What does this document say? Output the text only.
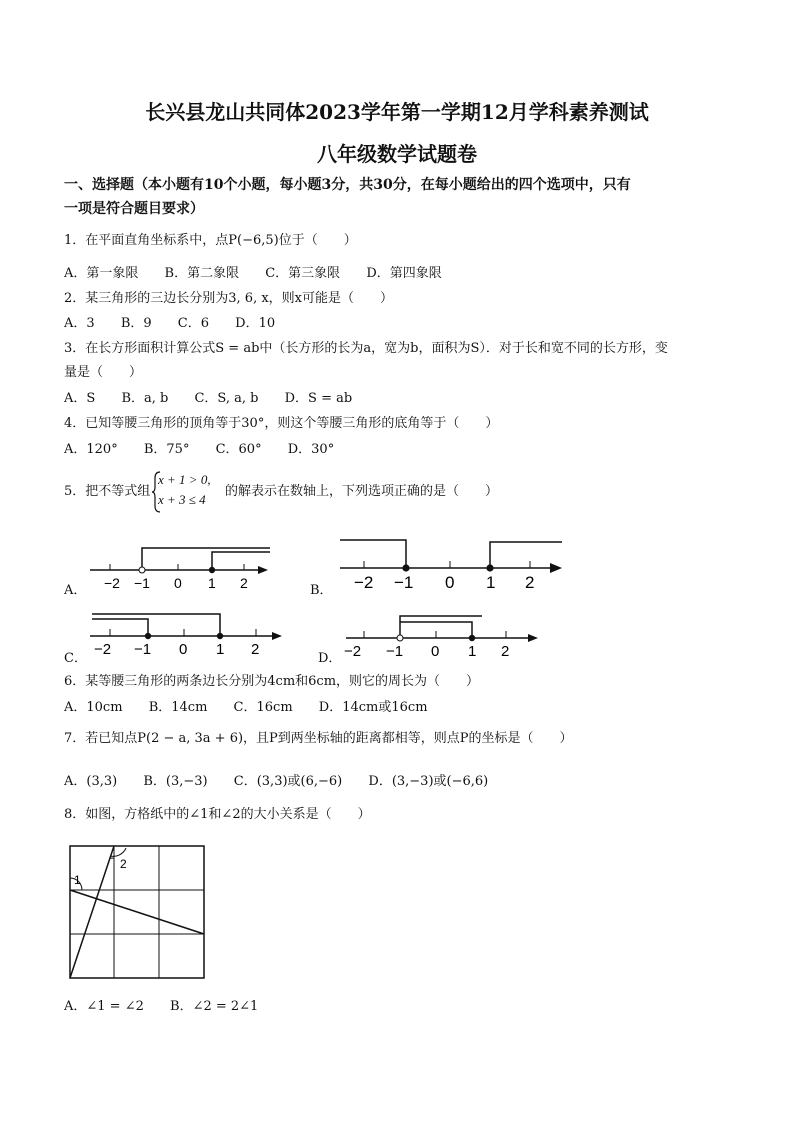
长兴县龙山共同体2023学年第一学期12月学科素养测试
八年级数学试题卷
一、选择题（本小题有10个小题，每小题3分，共30分，在每小题给出的四个选项中，只有
一项是符合题目要求）
1．在平面直角坐标系中，点P(−6,5)位于（　　）
A．第一象限 B．第二象限 C．第三象限 D．第四象限
2．某三角形的三边长分别为3, 6, x，则x可能是（　　）
A．3 B．9 C．6 D．10
3．在长方形面积计算公式S = ab中（长方形的长为a，宽为b，面积为S）．对于长和宽不同的长方形，变
量是（　　）
A．S B．a, b C．S, a, b D．S = ab
4．已知等腰三角形的顶角等于30°，则这个等腰三角形的底角等于（　　）
A．120° B．75° C．60° D．30°
5．把不等式组
x + 1 > 0,
x + 3 ≤ 4
的解表示在数轴上，下列选项正确的是（　　）
A． −2 −1 0 1 2	B． −2 −1 0 1 2
C．
−2 −1 0 1 2
D． −2 −1 0 1 2
6．某等腰三角形的两条边长分别为4cm和6cm，则它的周长为（　　）
A．10cm B．14cm C．16cm D．14cm或16cm
7．若已知点P(2 − a, 3a + 6)，且P到两坐标轴的距离都相等，则点P的坐标是（　　）
A．(3,3) B．(3,−3) C．(3,3)或(6,−6) D．(3,−3)或(−6,6)
8．如图，方格纸中的∠1和∠2的大小关系是（　　）
1
2
A．∠1 = ∠2 B．∠2 = 2∠1
